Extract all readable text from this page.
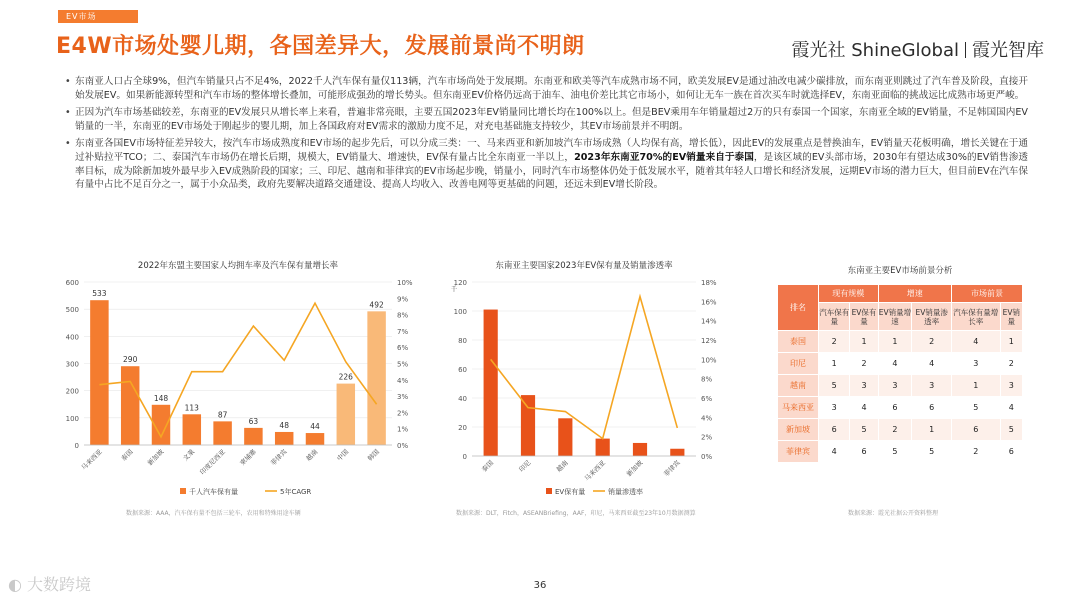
EV市场
E4W市场处婴儿期，各国差异大，发展前景尚不明朗	霞光社 ShineGlobal 霞光智库

• 东南亚人口占全球9%，但汽车销量只占不足4%，2022千人汽车保有量仅113辆，汽车市场尚处于发展期。东南亚和欧美等汽车成熟市场不同，欧美发展EV是通过油改电减少碳排放，而东南亚则跳过了汽车普及阶段，直接开始发展EV。如果新能源转型和汽车市场的整体增长叠加，可能形成强劲的增长势头。但东南亚EV价格仍远高于油车、油电价差比其它市场小，如何让无车一族在首次买车时就选择EV，东南亚面临的挑战远比成熟市场更严峻。

• 正因为汽车市场基础较差，东南亚的EV发展只从增长率上来看，普遍非常亮眼，主要五国2023年EV销量同比增长均在100%以上。但是BEV乘用车年销量超过2万的只有泰国一个国家，东南亚全域的EV销量，不足韩国国内EV销量的一半，东南亚的EV市场处于刚起步的婴儿期，加上各国政府对EV需求的激励力度不足，对充电基础施支持较少，其EV市场前景并不明朗。

• 东南亚各国EV市场特征差异较大，按汽车市场成熟度和EV市场的起步先后，可以分成三类：一、马来西亚和新加坡汽车市场成熟（人均保有高，增长低），因此EV的发展重点是替换油车，EV销量天花板明确，增长关键在于通过补贴拉平TCO；二、泰国汽车市场仍在增长后期，规模大，EV销量大、增速快，EV保有量占比全东南亚一半以上，2023年东南亚70%的EV销量来自于泰国，是该区域的EV头部市场，2030年有望达成30%的EV销售渗透率目标，成为除新加坡外最早步入EV成熟阶段的国家；三、印尼、越南和菲律宾的EV市场起步晚，销量小，同时汽车市场整体仍处于低发展水平，随着其年轻人口增长和经济发展，远期EV市场的潜力巨大，但目前EV在汽车保有量中占比不足百分之一，属于小众品类，政府先要解决道路交通建设、提高人均收入、改善电网等更基础的问题，还远未到EV增长阶段。

2022年东盟主要国家人均拥车率及汽车保有量增长率
0
100
200
300
400
500
600
0%
1%
2%
3%
4%
5%
6%
7%
8%
9%
10%
533
马来西亚
290
泰国
148
新加坡
113
文莱
87
印度尼西亚
63
柬埔寨
48
菲律宾
44
越南
226
中国
492
韩国
千人汽车保有量	5年CAGR
数据来源：AAA，汽车保有量不包括三轮车，农用和特殊用途车辆
东南亚主要国家2023年EV保有量及销量渗透率
0
20
40
60
80
100
120
0%
2%
4%
6%
8%
10%
12%
14%
16%
18%
千
泰国	印尼	越南 马来西亚	新加坡	菲律宾
EV保有量	销量渗透率
数据来源：DLT，Fitch，ASEANBriefing，AAF，印尼，马来西亚截至23年10月数据测算
东南亚主要EV市场前景分析
排名	现有规模		增速		市场前景	
	汽车保有量	EV保有量	EV销量增速	EV销量渗透率	汽车保有量增长率	EV销量
泰国	2	1	1	2	4	1
印尼	1	2	4	4	3	2
越南	5	3	3	3	1	3
马来西亚	3	4	6	6	5	4
新加坡	6	5	2	1	6	5
菲律宾	4	6	5	5	2	6
数据来源：霞光社据公开资料整理
36
◐ 大数跨境
